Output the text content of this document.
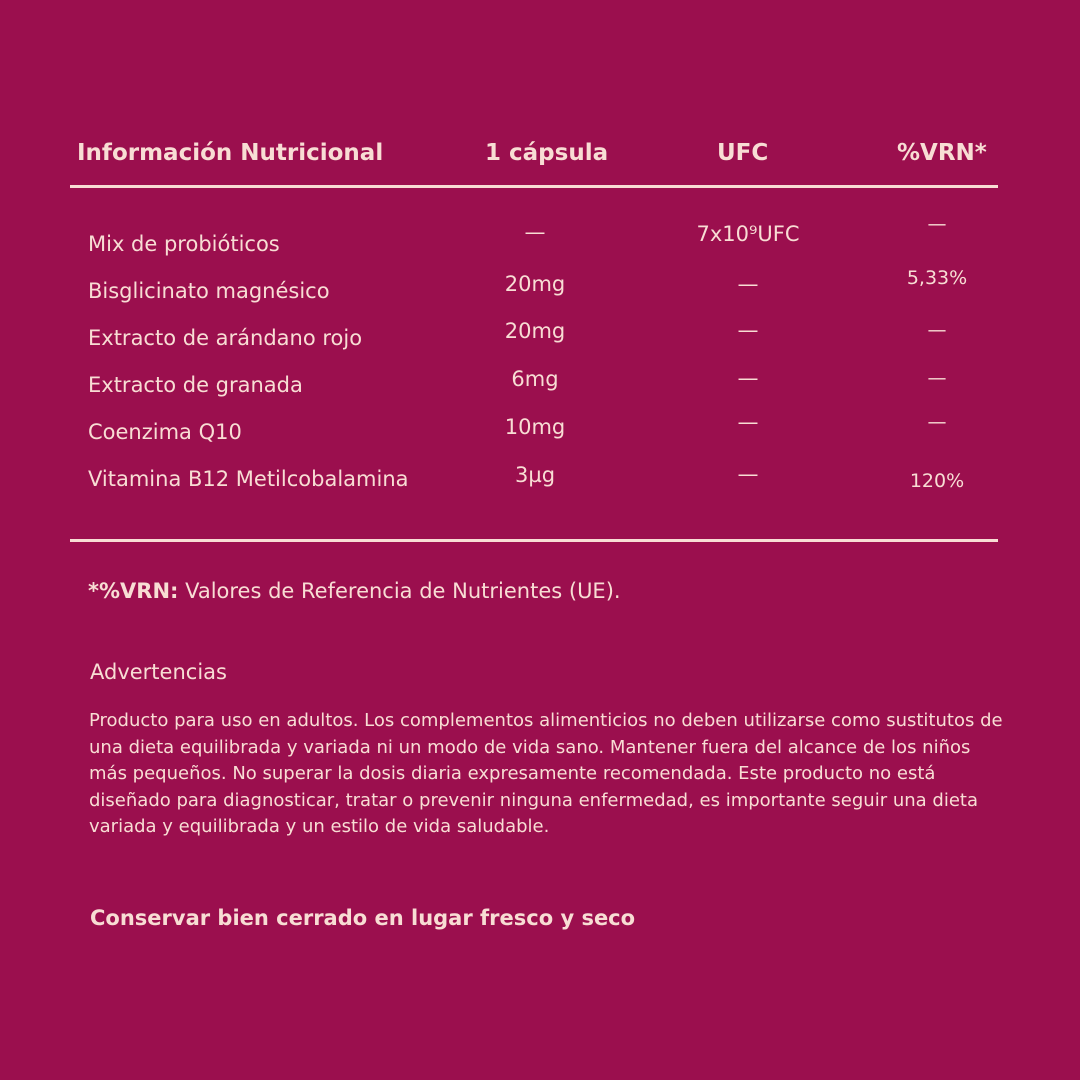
Información Nutricional	1 cápsula	UFC	%VRN*
Mix de probióticos	—	7x10⁹UFC	—
Bisglicinato magnésico	20mg	—	5,33%
Extracto de arándano rojo	20mg	—	—
Extracto de granada	6mg	—	—
Coenzima Q10	10mg	—	—
Vitamina B12 Metilcobalamina	3µg	—	120%
*%VRN: Valores de Referencia de Nutrientes (UE).
Advertencias
Producto para uso en adultos. Los complementos alimenticios no deben utilizarse como sustitutos de una dieta equilibrada y variada ni un modo de vida sano. Mantener fuera del alcance de los niños más pequeños. No superar la dosis diaria expresamente recomendada. Este producto no está diseñado para diagnosticar, tratar o prevenir ninguna enfermedad, es importante seguir una dieta variada y equilibrada y un estilo de vida saludable.
Conservar bien cerrado en lugar fresco y seco
